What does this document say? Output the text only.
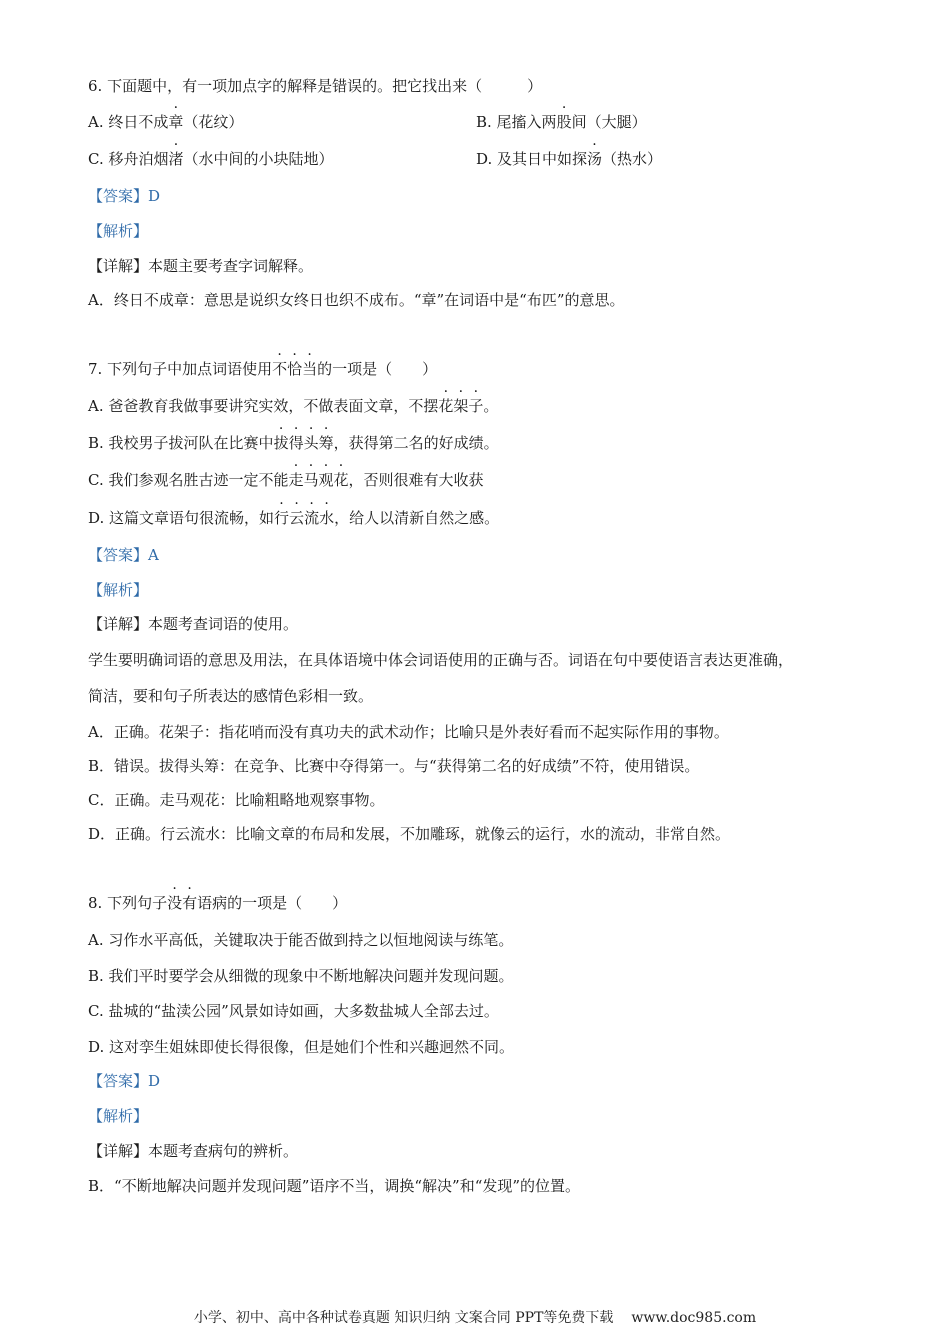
6. 下面题中，有一项加点字的解释是错误的。把它找出来（　　　）
A. 终日不成章（花纹）	B. 尾搐入两股间（大腿）
C. 移舟泊烟渚（水中间的小块陆地）	D. 及其日中如探汤（热水）
【答案】D
【解析】
【详解】本题主要考查字词解释。
A．终日不成章：意思是说织女终日也织不成布。“章”在词语中是“布匹”的意思。
7. 下列句子中加点词语使用不恰当的一项是（　　）
A. 爸爸教育我做事要讲究实效，不做表面文章，不摆花架子。
B. 我校男子拔河队在比赛中拔得头筹，获得第二名的好成绩。
C. 我们参观名胜古迹一定不能走马观花，否则很难有大收获
D. 这篇文章语句很流畅，如行云流水，给人以清新自然之感。
【答案】A
【解析】
【详解】本题考查词语的使用。
学生要明确词语的意思及用法，在具体语境中体会词语使用的正确与否。词语在句中要使语言表达更准确，
简洁，要和句子所表达的感情色彩相一致。
A．正确。花架子：指花哨而没有真功夫的武术动作；比喻只是外表好看而不起实际作用的事物。
B．错误。拔得头筹：在竞争、比赛中夺得第一。与“获得第二名的好成绩”不符，使用错误。
C．正确。走马观花：比喻粗略地观察事物。
D．正确。行云流水：比喻文章的布局和发展，不加雕琢，就像云的运行，水的流动，非常自然。
8. 下列句子没有语病的一项是（　　）
A. 习作水平高低，关键取决于能否做到持之以恒地阅读与练笔。
B. 我们平时要学会从细微的现象中不断地解决问题并发现问题。
C. 盐城的“盐渎公园”风景如诗如画，大多数盐城人全部去过。
D. 这对孪生姐妹即使长得很像，但是她们个性和兴趣迥然不同。
【答案】D
【解析】
【详解】本题考查病句的辨析。
B．“不断地解决问题并发现问题”语序不当，调换“解决”和“发现”的位置。
小学、初中、高中各种试卷真题 知识归纳 文案合同 PPT等免费下载 www.doc985.com
